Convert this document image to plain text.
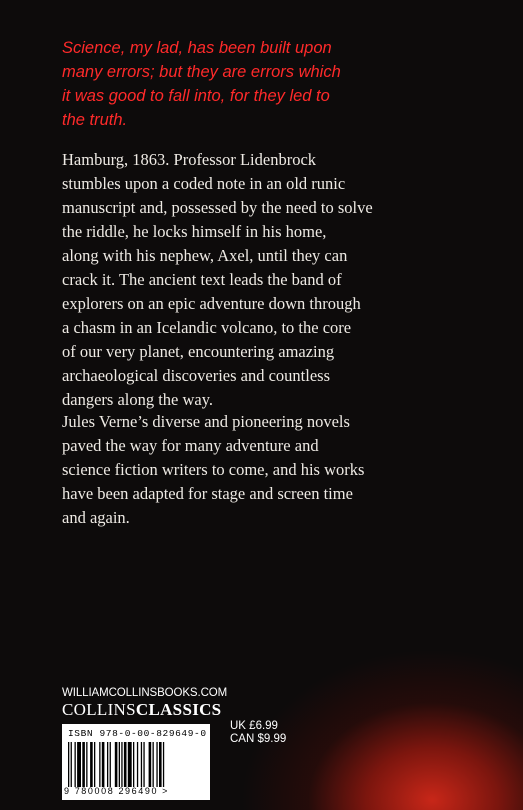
Science, my lad, has been built upon
many errors; but they are errors which
it was good to fall into, for they led to
the truth.

Hamburg, 1863. Professor Lidenbrock
stumbles upon a coded note in an old runic
manuscript and, possessed by the need to solve
the riddle, he locks himself in his home,
along with his nephew, Axel, until they can
crack it. The ancient text leads the band of
explorers on an epic adventure down through
a chasm in an Icelandic volcano, to the core
of our very planet, encountering amazing
archaeological discoveries and countless
dangers along the way.

Jules Verne’s diverse and pioneering novels
paved the way for many adventure and
science fiction writers to come, and his works
have been adapted for stage and screen time
and again.

WILLIAMCOLLINSBOOKS.COM
COLLINSCLASSICS
ISBN 978-0-00-829649-0
9 780008 296490 >
UK £6.99
CAN $9.99
